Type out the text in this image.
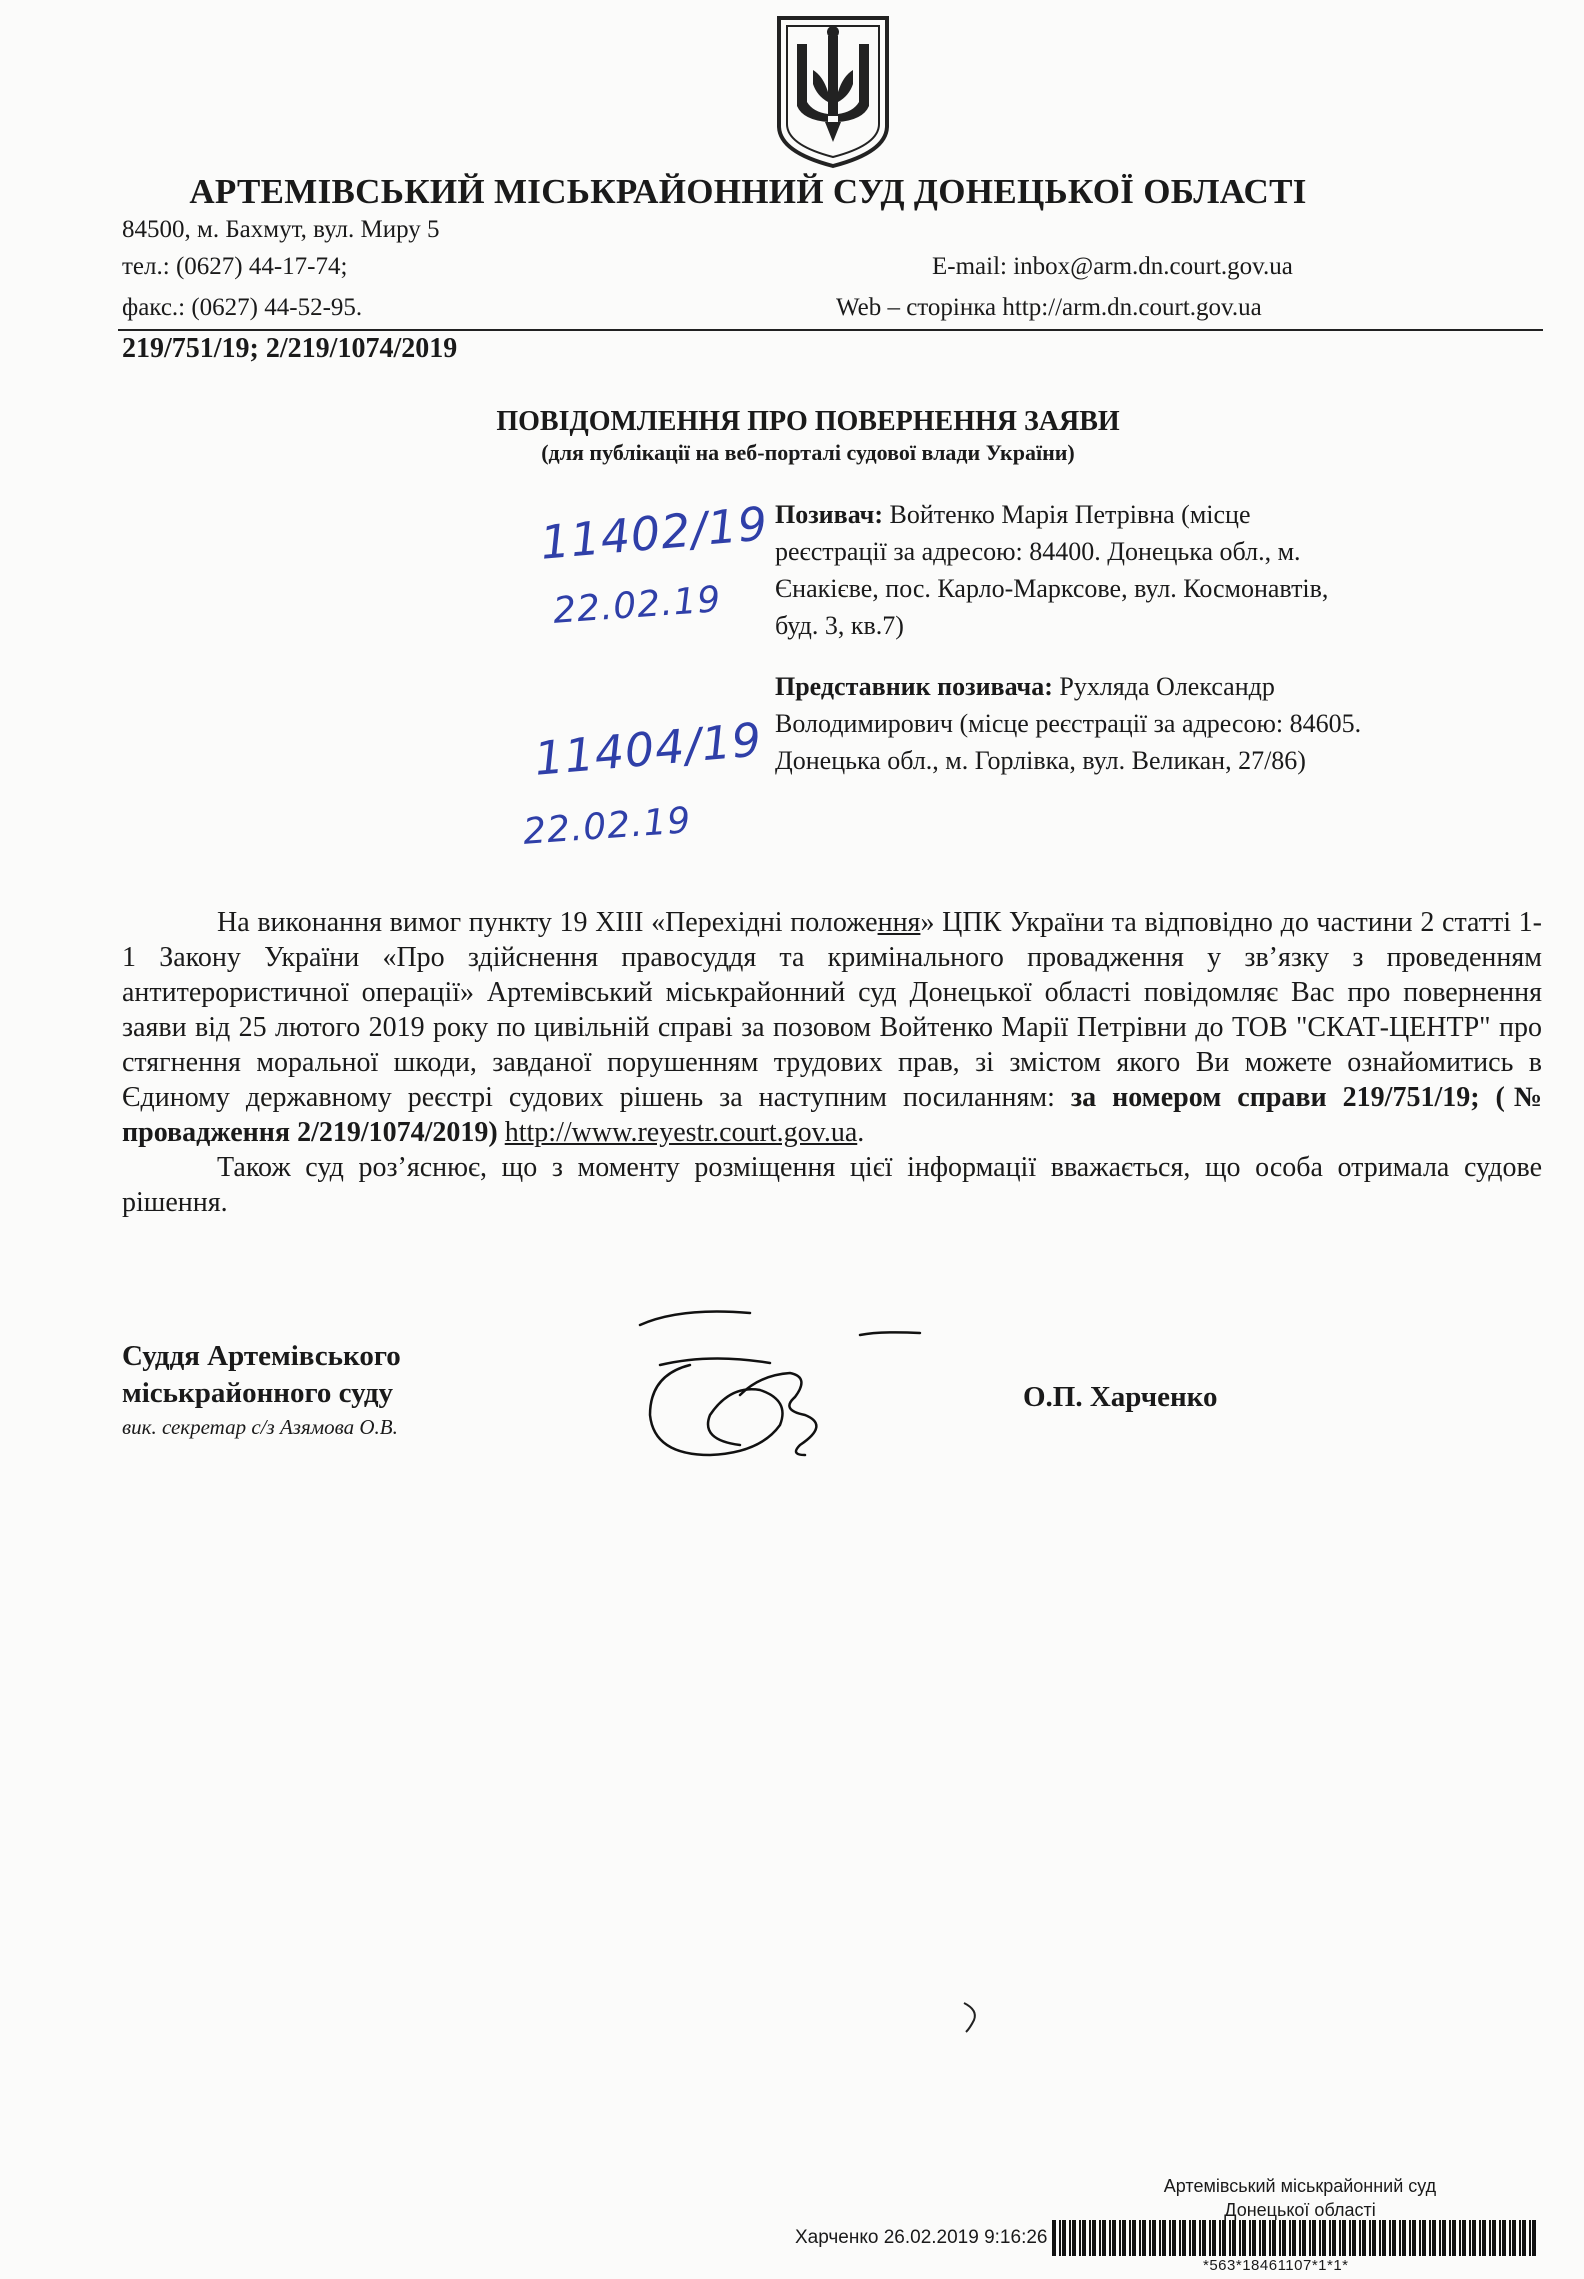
АРТЕМІВСЬКИЙ МІСЬКРАЙОННИЙ СУД ДОНЕЦЬКОЇ ОБЛАСТІ
84500, м. Бахмут, вул. Миру 5
тел.: (0627) 44-17-74;
факс.: (0627) 44-52-95.
E-mail: inbox@arm.dn.court.gov.ua
Web – сторінка http://arm.dn.court.gov.ua
219/751/19; 2/219/1074/2019
ПОВІДОМЛЕННЯ ПРО ПОВЕРНЕННЯ ЗАЯВИ
(для публікації на веб-порталі судової влади України)
11402/19
22.02.19
11404/19
22.02.19
Позивач: Войтенко Марія Петрівна (місце реєстрації за адресою: 84400. Донецька обл., м. Єнакієве, пос. Карло-Марксове, вул. Космонавтів, буд. 3, кв.7)
Представник позивача: Рухляда Олександр Володимирович (місце реєстрації за адресою: 84605. Донецька обл., м. Горлівка, вул. Великан, 27/86)

На виконання вимог пункту 19 XIII «Перехідні положення» ЦПК України та відповідно до частини 2 статті 1-1 Закону України «Про здійснення правосуддя та кримінального провадження у зв’язку з проведенням антитерористичної операції» Артемівський міськрайонний суд Донецької області повідомляє Вас про повернення заяви від 25 лютого 2019 року по цивільній справі за позовом Войтенко Марії Петрівни до ТОВ "СКАТ-ЦЕНТР" про стягнення моральної шкоди, завданої порушенням трудових прав, зі змістом якого Ви можете ознайомитись в Єдиному державному реєстрі судових рішень за наступним посиланням: за номером справи 219/751/19; (№ провадження 2/219/1074/2019) http://www.reyestr.court.gov.ua.

Також суд роз’яснює, що з моменту розміщення цієї інформації вважається, що особа отримала судове рішення.

Суддя Артемівського
міськрайонного суду
вик. секретар с/з Азямова О.В.
О.П. Харченко
Артемівський міськрайонний суд
Донецької області
Харченко 26.02.2019 9:16:26
*563*18461107*1*1*
